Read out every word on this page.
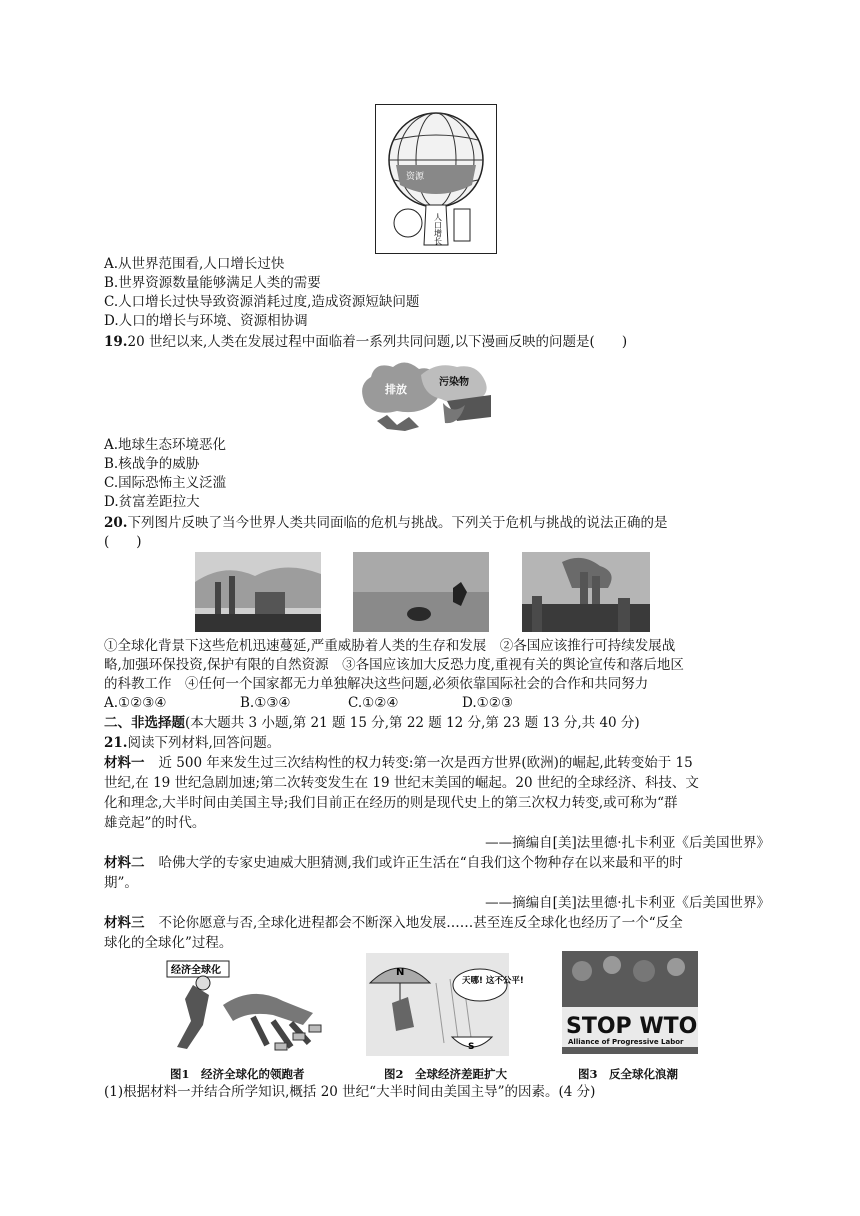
资源
人口增长
A.从世界范围看,人口增长过快
B.世界资源数量能够满足人类的需要
C.人口增长过快导致资源消耗过度,造成资源短缺问题
D.人口的增长与环境、资源相协调
19.20 世纪以来,人类在发展过程中面临着一系列共同问题,以下漫画反映的问题是(　　)
排放
污染物
A.地球生态环境恶化
B.核战争的威胁
C.国际恐怖主义泛滥
D.贫富差距拉大
20.下列图片反映了当今世界人类共同面临的危机与挑战。下列关于危机与挑战的说法正确的是
(　　)
①全球化背景下这些危机迅速蔓延,严重威胁着人类的生存和发展　②各国应该推行可持续发展战
略,加强环保投资,保护有限的自然资源　③各国应该加大反恐力度,重视有关的舆论宣传和落后地区
的科教工作　④任何一个国家都无力单独解决这些问题,必须依靠国际社会的合作和共同努力
A.①②③④	B.①③④	C.①②④	D.①②③
二、非选择题(本大题共 3 小题,第 21 题 15 分,第 22 题 12 分,第 23 题 13 分,共 40 分)
21.阅读下列材料,回答问题。
材料一 近 500 年来发生过三次结构性的权力转变:第一次是西方世界(欧洲)的崛起,此转变始于 15
世纪,在 19 世纪急剧加速;第二次转变发生在 19 世纪末美国的崛起。20 世纪的全球经济、科技、文
化和理念,大半时间由美国主导;我们目前正在经历的则是现代史上的第三次权力转变,或可称为“群
雄竞起”的时代。
——摘编自[美]法里德·扎卡利亚《后美国世界》
材料二 哈佛大学的专家史迪威大胆猜测,我们或许正生活在“自我们这个物种存在以来最和平的时
期”。
——摘编自[美]法里德·扎卡利亚《后美国世界》
材料三 不论你愿意与否,全球化进程都会不断深入地发展……甚至连反全球化也经历了一个“反全
球化的全球化”过程。
经济全球化
图1　经济全球化的领跑者
N
天哪! 这不公平!
S
图2　全球经济差距扩大
STOP WTO
Alliance of Progressive Labor
图3　反全球化浪潮
(1)根据材料一并结合所学知识,概括 20 世纪“大半时间由美国主导”的因素。(4 分)
